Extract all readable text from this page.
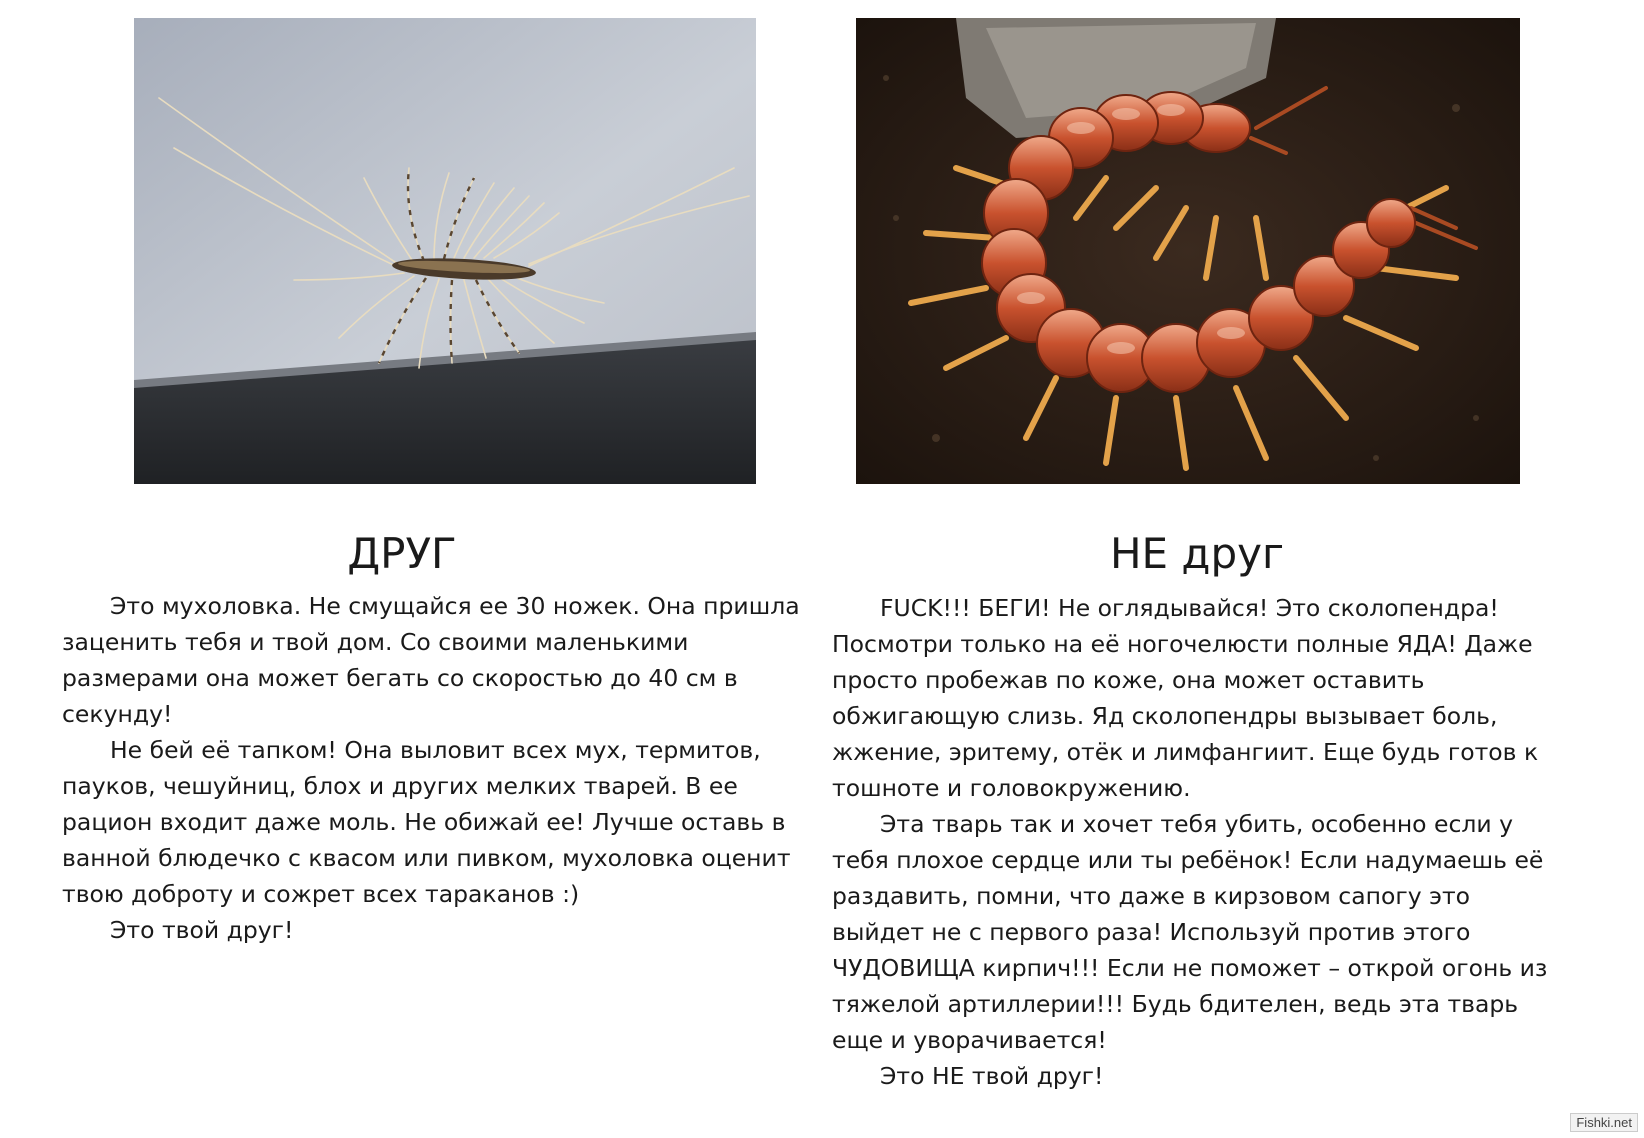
ДРУГ	НЕ друг

Это мухоловка. Не смущайся ее 30 ножек. Она пришла заценить тебя и твой дом. Со своими маленькими размерами она может бегать со скоростью до 40 см в секунду!

Не бей её тапком! Она выловит всех мух, термитов, пауков, чешуйниц, блох и других мелких тварей. В ее рацион входит даже моль. Не обижай ее! Лучше оставь в ванной блюдечко с квасом или пивком, мухоловка оценит твою доброту и сожрет всех тараканов :)

Это твой друг!

FUCK!!! БЕГИ! Не оглядывайся! Это сколопендра! Посмотри только на её ногочелюсти полные ЯДА! Даже просто пробежав по коже, она может оставить обжигающую слизь. Яд сколопендры вызывает боль, жжение, эритему, отёк и лимфангиит. Еще будь готов к тошноте и головокружению.

Эта тварь так и хочет тебя убить, особенно если у тебя плохое сердце или ты ребёнок! Если надумаешь её раздавить, помни, что даже в кирзовом сапогу это выйдет не с первого раза! Используй против этого ЧУДОВИЩА кирпич!!! Если не поможет – открой огонь из тяжелой артиллерии!!! Будь бдителен, ведь эта тварь еще и уворачивается!

Это НЕ твой друг!

Fishki.net
